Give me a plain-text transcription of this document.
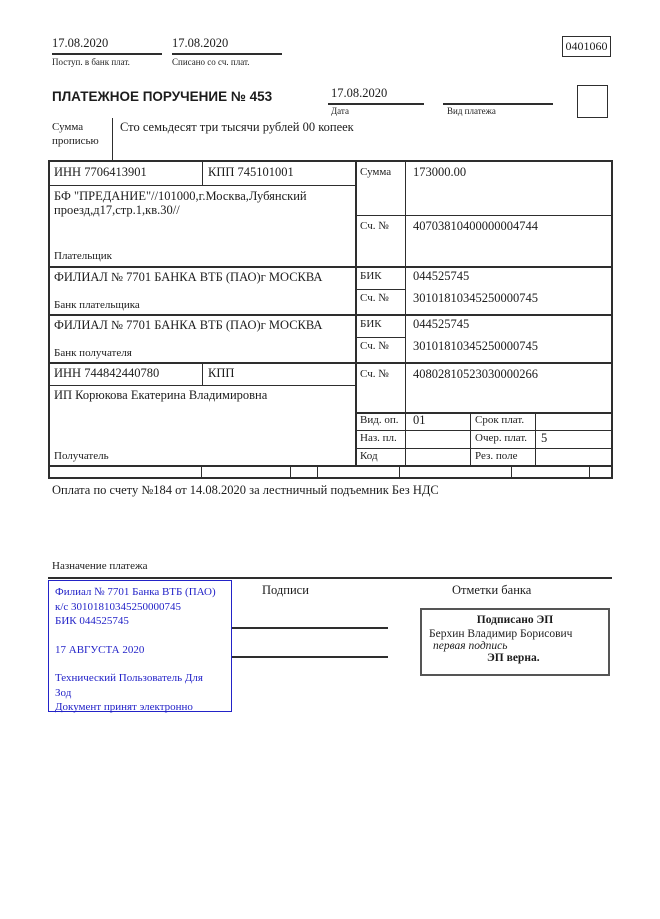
17.08.2020
Поступ. в банк плат.
17.08.2020
Списано со сч. плат.
0401060
ПЛАТЕЖНОЕ ПОРУЧЕНИЕ № 453	17.08.2020
Дата	Вид платежа
Сумма
прописью
Сто семьдесят три тысячи рублей 00 копеек
ИНН 7706413901	КПП 745101001	Сумма 173000.00
БФ "ПРЕДАНИЕ"//101000,г.Москва,Лубянский проезд,д17,стр.1,кв.30//
Сч. № 40703810400000004744
Плательщик
ФИЛИАЛ № 7701 БАНКА ВТБ (ПАО)г МОСКВА	БИК	044525745
Сч. № 30101810345250000745
Банк плательщика
ФИЛИАЛ № 7701 БАНКА ВТБ (ПАО)г МОСКВА	БИК	044525745
Сч. № 30101810345250000745
Банк получателя
ИНН 744842440780	КПП	Сч. № 40802810523030000266
ИП Корюкова Екатерина Владимировна
Вид. оп. 01	Срок плат.
Наз. пл.	Очер. плат. 5
Код	Рез. поле
Получатель
Оплата по счету №184 от 14.08.2020 за лестничный подъемник Без НДС
Назначение платежа
Подписи	Отметки банка
Филиал № 7701 Банка ВТБ (ПАО)
к/с 30101810345250000745
БИК 044525745
17 АВГУСТА 2020
Технический Пользователь Для Зод
Документ принят электронно
Подписано ЭП
Берхин Владимир Борисович
первая подпись
ЭП верна.
